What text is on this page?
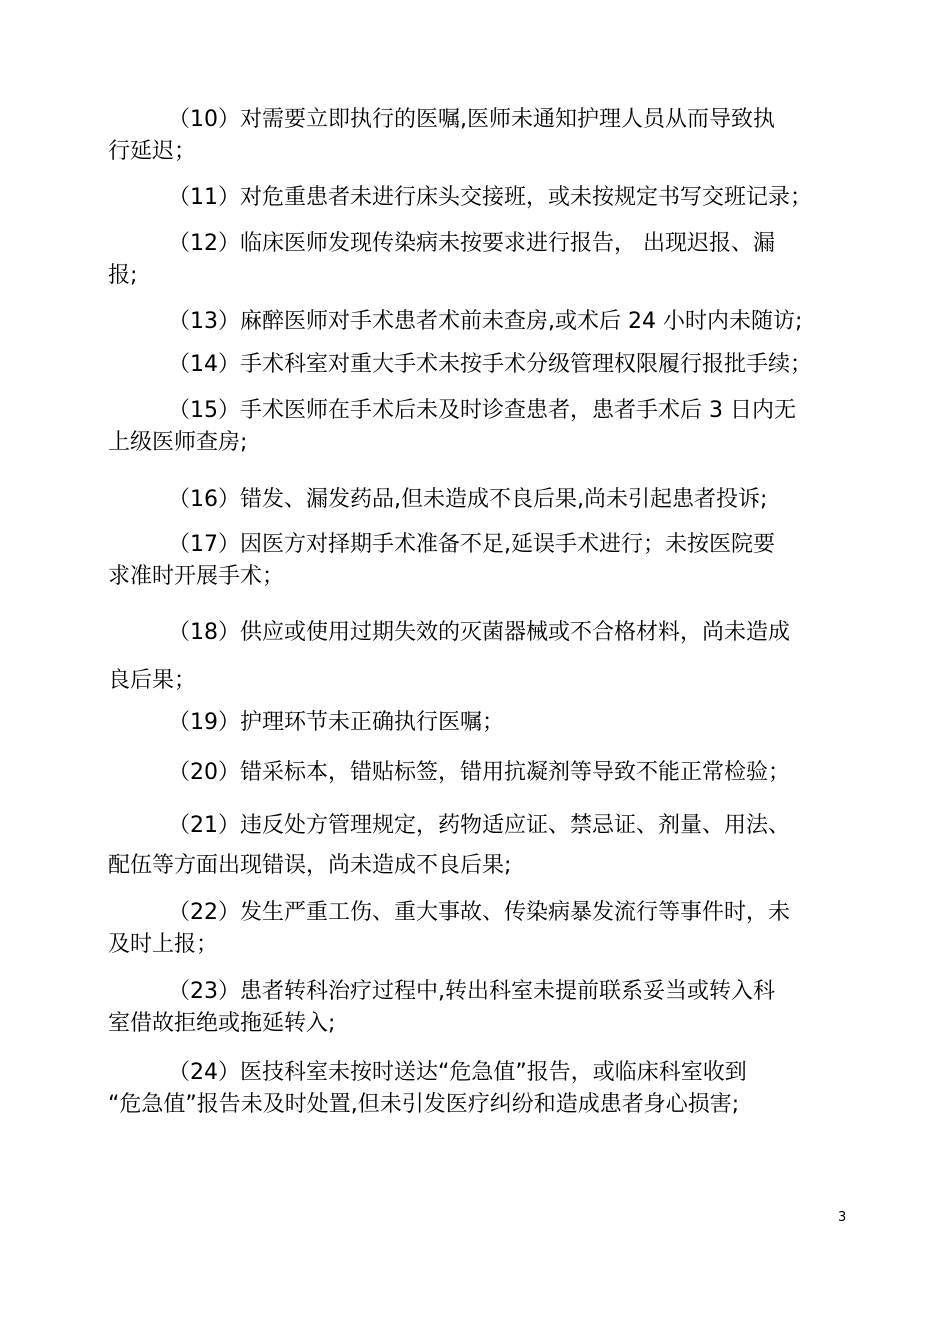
（10）对需要立即执行的医嘱,医师未通知护理人员从而导致执
行延迟；
（11）对危重患者未进行床头交接班，或未按规定书写交班记录；
（12）临床医师发现传染病未按要求进行报告， 出现迟报、漏
报;
（13）麻醉医师对手术患者术前未查房,或术后 24 小时内未随访;
（14）手术科室对重大手术未按手术分级管理权限履行报批手续；
（15）手术医师在手术后未及时诊查患者，患者手术后 3 日内无
上级医师查房;
（16）错发、漏发药品,但未造成不良后果,尚未引起患者投诉;
（17）因医方对择期手术准备不足,延误手术进行；未按医院要
求准时开展手术；
（18）供应或使用过期失效的灭菌器械或不合格材料，尚未造成
良后果；
（19）护理环节未正确执行医嘱；
（20）错采标本，错贴标签，错用抗凝剂等导致不能正常检验；
（21）违反处方管理规定，药物适应证、禁忌证、剂量、用法、
配伍等方面出现错误，尚未造成不良后果;
（22）发生严重工伤、重大事故、传染病暴发流行等事件时，未
及时上报；
（23）患者转科治疗过程中,转出科室未提前联系妥当或转入科
室借故拒绝或拖延转入;
（24）医技科室未按时送达“危急值”报告，或临床科室收到
“危急值”报告未及时处置,但未引发医疗纠纷和造成患者身心损害;
3
